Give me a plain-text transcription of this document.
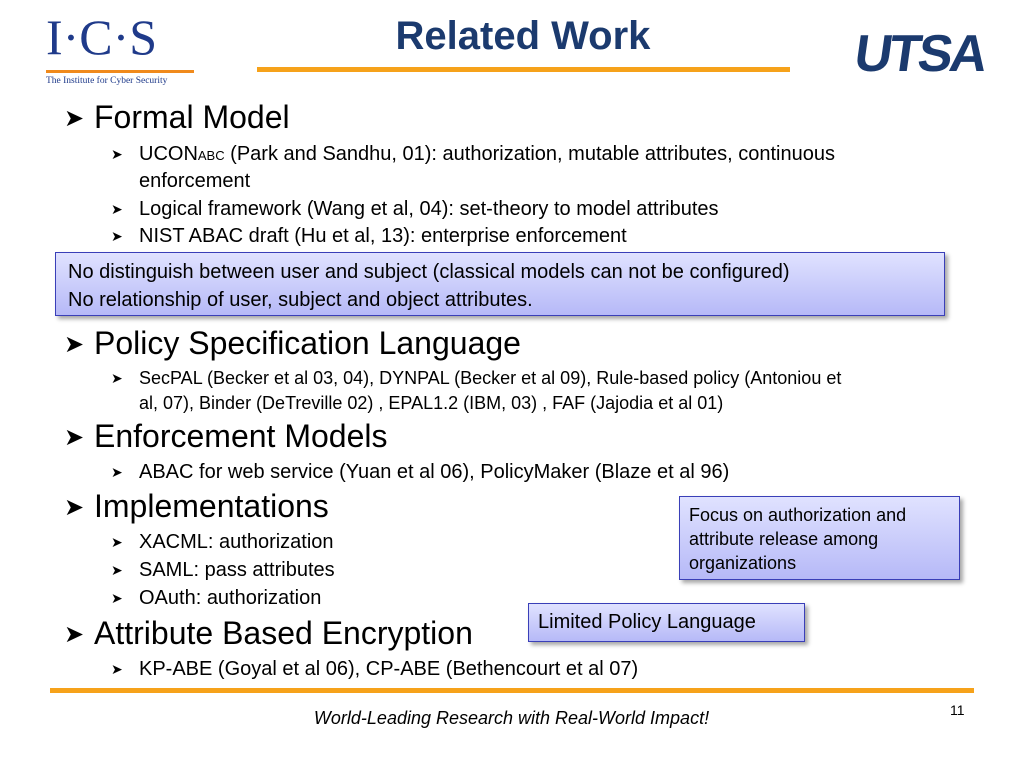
I·C·S
The Institute for Cyber Security
Related Work	UTSA
➤ Formal Model
➤ UCONABC (Park and Sandhu, 01): authorization, mutable attributes, continuous
enforcement
➤ Logical framework (Wang et al, 04): set-theory to model attributes
➤ NIST ABAC draft (Hu et al, 13): enterprise enforcement
No distinguish between user and subject (classical models can not be configured)
No relationship of user, subject and object attributes.
➤ Policy Specification Language
➤ SecPAL (Becker et al 03, 04), DYNPAL (Becker et al 09), Rule-based policy (Antoniou et
al, 07), Binder (DeTreville 02) , EPAL1.2 (IBM, 03) , FAF (Jajodia et al 01)
➤ Enforcement Models
➤ ABAC for web service (Yuan et al 06), PolicyMaker (Blaze et al 96)
➤ Implementations
➤ XACML: authorization
➤ SAML: pass attributes
➤ OAuth: authorization
Focus on authorization and
attribute release among
organizations
➤ Attribute Based Encryption
➤ KP-ABE (Goyal et al 06), CP-ABE (Bethencourt et al 07)
Limited Policy Language
World-Leading Research with Real-World Impact!	11
